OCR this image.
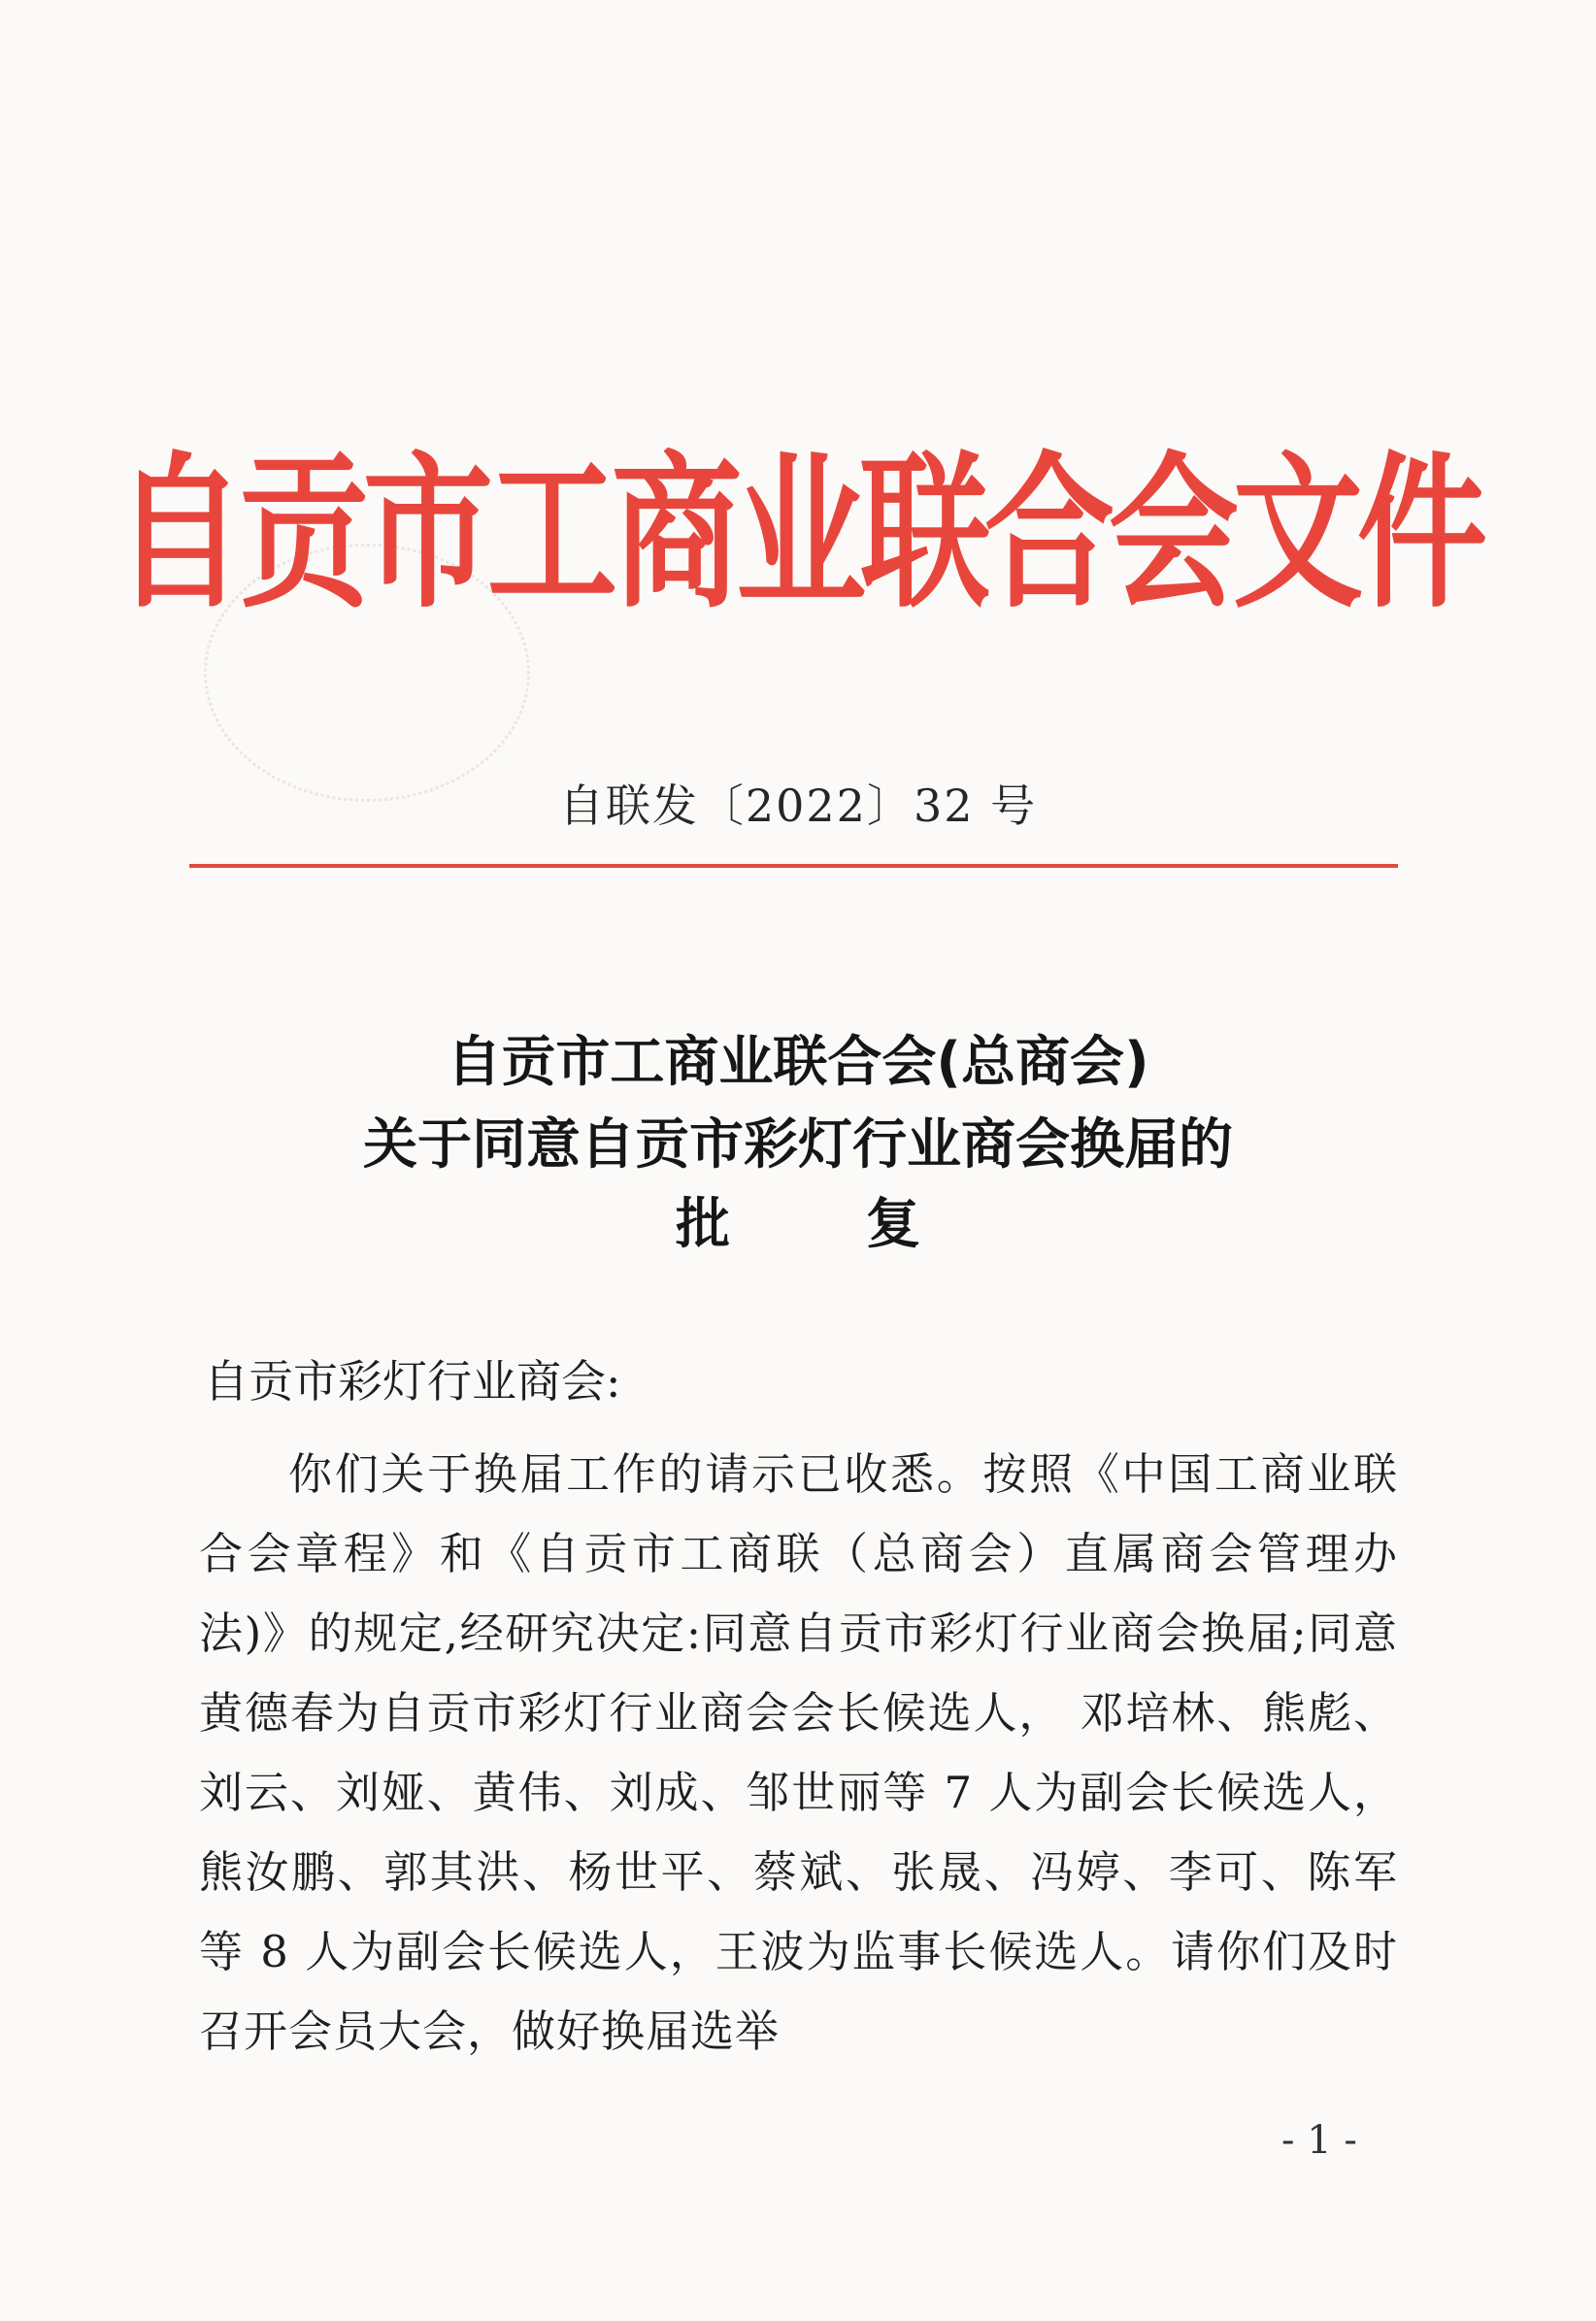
自贡市工商业联合会文件
自联发〔2022〕32 号
自贡市工商业联合会(总商会)
关于同意自贡市彩灯行业商会换届的
批	复
自贡市彩灯行业商会:
你们关于换届工作的请示已收悉。按照《中国工商业联合会章程》和《自贡市工商联（总商会）直属商会管理办法)》的规定,经研究决定:同意自贡市彩灯行业商会换届;同意黄德春为自贡市彩灯行业商会会长候选人， 邓培林、熊彪、刘云、刘娅、黄伟、刘成、邹世丽等 7 人为副会长候选人，熊汝鹏、郭其洪、杨世平、蔡斌、张晟、冯婷、李可、陈军等 8 人为副会长候选人，王波为监事长候选人。请你们及时召开会员大会，做好换届选举
- 1 -
